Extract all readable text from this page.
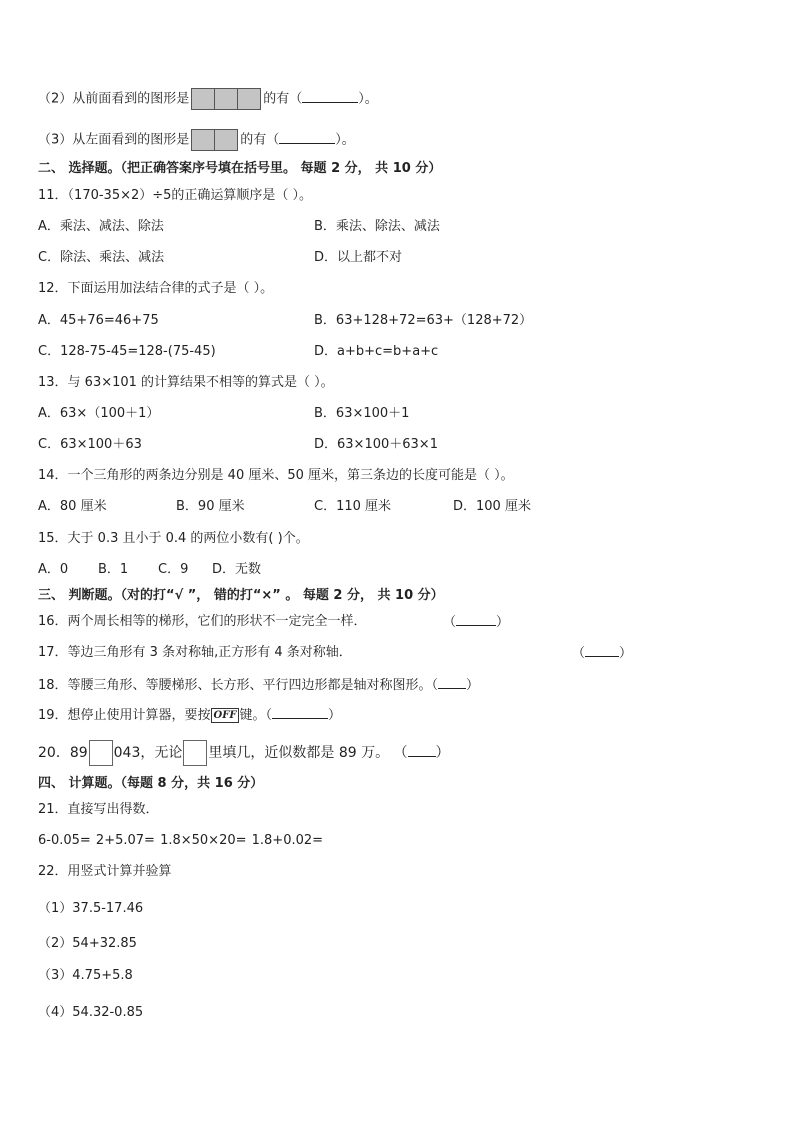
（2）从前面看到的图形是	的有（	）。
（3）从左面看到的图形是	的有（	）。
二、 选择题。（把正确答案序号填在括号里。 每题 2 分， 共 10 分）
11．（170-35×2）÷5的正确运算顺序是（ ）。
A．乘法、减法、除法	B．乘法、除法、减法
C．除法、乘法、减法	D．以上都不对
12．下面运用加法结合律的式子是（ ）。
A．45+76=46+75	B．63+128+72=63+（128+72）
C．128-75-45=128-(75-45)	D．a+b+c=b+a+c
13．与 63×101 的计算结果不相等的算式是（ ）。
A．63×（100＋1）	B．63×100＋1
C．63×100＋63	D．63×100＋63×1
14．一个三角形的两条边分别是 40 厘米、50 厘米，第三条边的长度可能是（ ）。
A．80 厘米	B．90 厘米	C．110 厘米	D．100 厘米
15．大于 0.3 且小于 0.4 的两位小数有( )个。
A．0 B．1 C．9 D．无数
三、 判断题。（对的打“√ ”， 错的打“×” 。 每题 2 分， 共 10 分）
16．两个周长相等的梯形，它们的形状不一定完全一样．	（	）
17．等边三角形有 3 条对称轴,正方形有 4 条对称轴．	（	）
18．等腰三角形、等腰梯形、长方形、平行四边形都是轴对称图形。（ ）
19．想停止使用计算器，要按 OFF 键。（	）
20．89 043，无论 里填几，近似数都是 89 万。 （ ）
四、 计算题。（每题 8 分，共 16 分）
21．直接写出得数．
6-0.05= 2+5.07= 1.8×50×20= 1.8+0.02=
22．用竖式计算并验算
（1）37.5-17.46
（2）54+32.85
（3）4.75+5.8
（4）54.32-0.85
